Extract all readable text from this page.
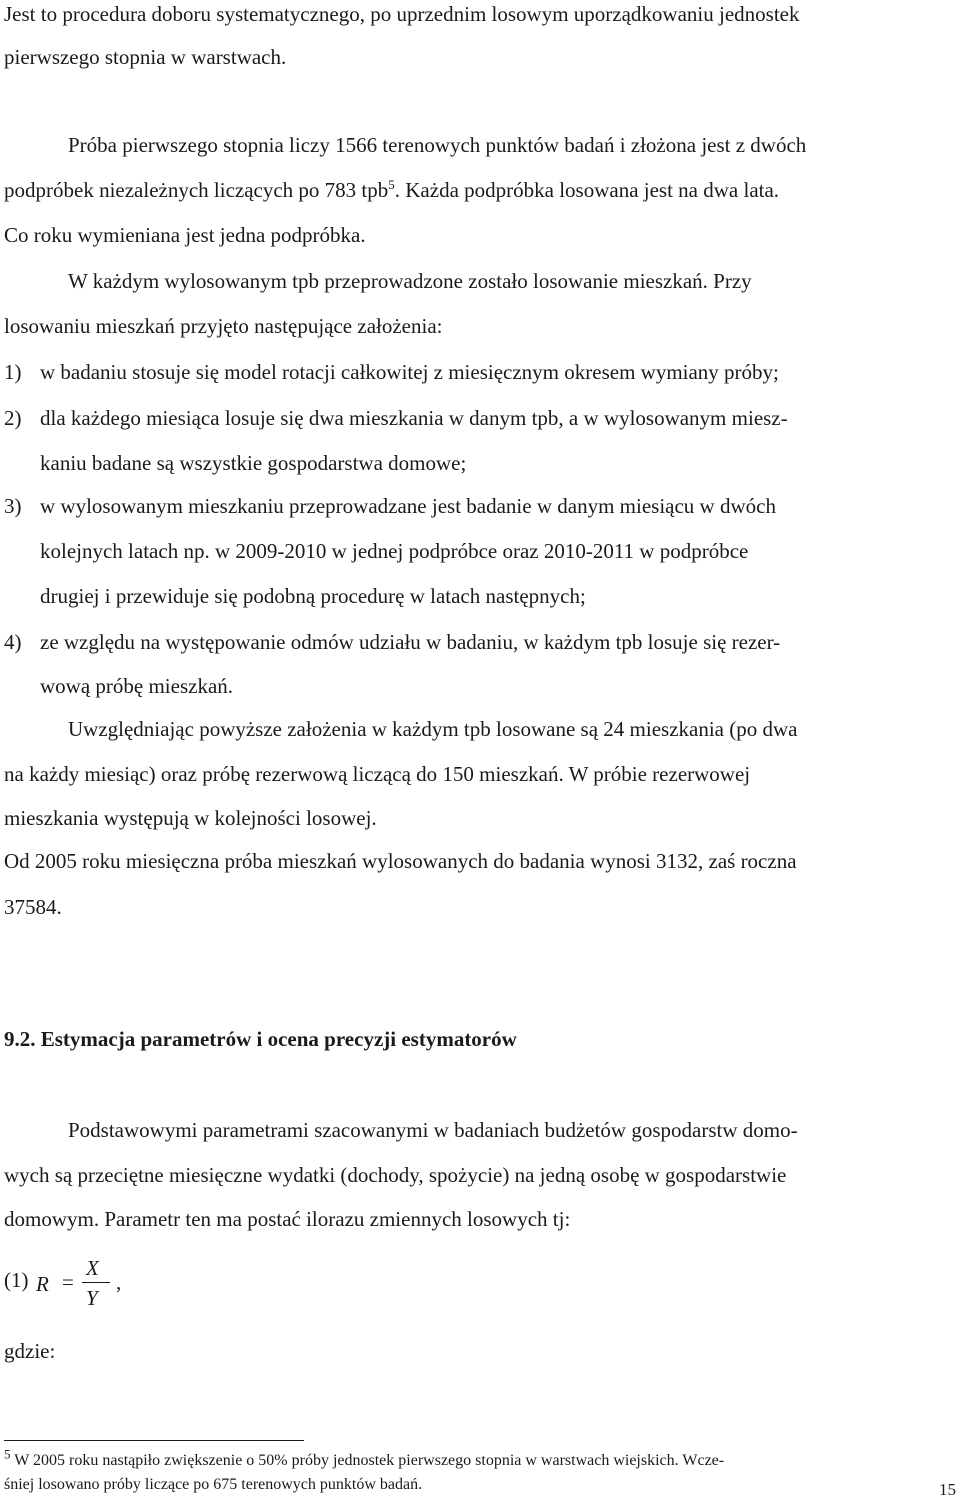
Jest to procedura doboru systematycznego, po uprzednim losowym uporządkowaniu jednostek
pierwszego stopnia w warstwach.
Próba pierwszego stopnia liczy 1566 terenowych punktów badań i złożona jest z dwóch
podpróbek niezależnych liczących po 783 tpb$^5$. Każda podpróbka losowana jest na dwa lata.
Co roku wymieniana jest jedna podpróbka.
W każdym wylosowanym tpb przeprowadzone zostało losowanie mieszkań. Przy
losowaniu mieszkań przyjęto następujące założenia:
1) w badaniu stosuje się model rotacji całkowitej z miesięcznym okresem wymiany próby;
2) dla każdego miesiąca losuje się dwa mieszkania w danym tpb, a w wylosowanym miesz-
kaniu badane są wszystkie gospodarstwa domowe;
3) w wylosowanym mieszkaniu przeprowadzane jest badanie w danym miesiącu w dwóch
kolejnych latach np. w 2009-2010 w jednej podpróbce oraz 2010-2011 w podpróbce
drugiej i przewiduje się podobną procedurę w latach następnych;
4) ze względu na występowanie odmów udziału w badaniu, w każdym tpb losuje się rezer-
wową próbę mieszkań.
Uwzględniając powyższe założenia w każdym tpb losowane są 24 mieszkania (po dwa
na każdy miesiąc) oraz próbę rezerwową liczącą do 150 mieszkań. W próbie rezerwowej
mieszkania występują w kolejności losowej.
Od 2005 roku miesięczna próba mieszkań wylosowanych do badania wynosi 3132, zaś roczna
37584.
9.2. Estymacja parametrów i ocena precyzji estymatorów
Podstawowymi parametrami szacowanymi w badaniach budżetów gospodarstw domo-
wych są przeciętne miesięczne wydatki (dochody, spożycie) na jedną osobę w gospodarstwie
domowym. Parametr ten ma postać ilorazu zmiennych losowych tj:
(1) R =
X
Y
,
gdzie:
$^5$ W 2005 roku nastąpiło zwiększenie o 50% próby jednostek pierwszego stopnia w warstwach wiejskich. Wcze-
śniej losowano próby liczące po 675 terenowych punktów badań.	15
